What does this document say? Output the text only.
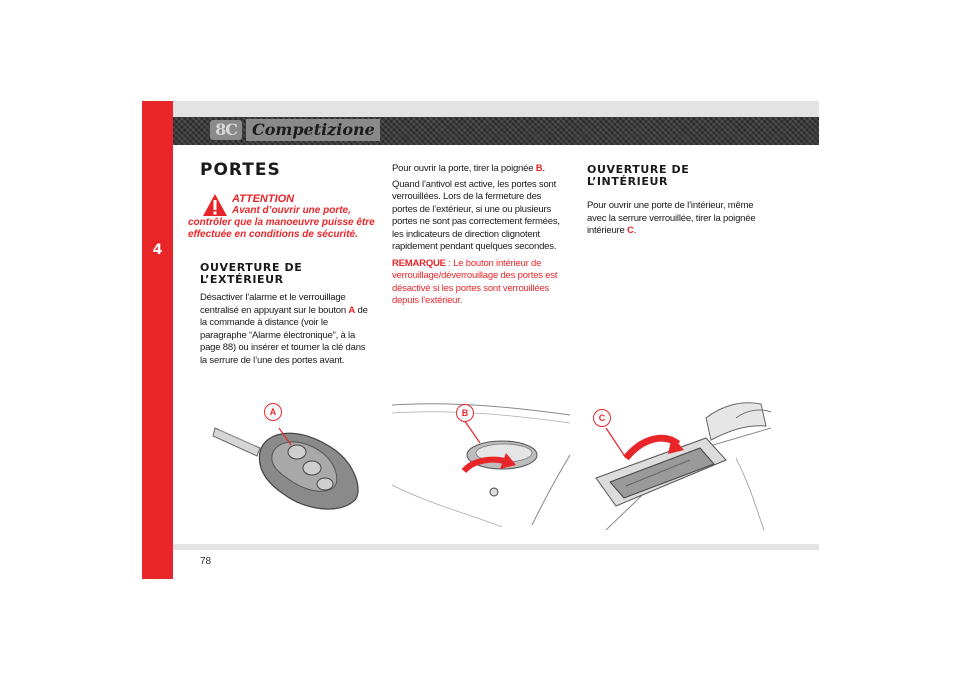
4
8C Competizione
PORTES
ATTENTION
Avant d’ouvrir une porte, contrôler que la manoeuvre puisse être effectuée en conditions de sécurité.
OUVERTURE DE
L’EXTÉRIEUR
Désactiver l’alarme et le verrouillage centralisé en appuyant sur le bouton A de la commande à distance (voir le paragraphe “Alarme électronique”, à la page 88) ou insérer et tourner la clé dans la serrure de l’une des portes avant.
Pour ouvrir la porte, tirer la poignée B.
Quand l’antivol est active, les portes sont verrouillées. Lors de la fermeture des portes de l’extérieur, si une ou plusieurs portes ne sont pas correctement fermées, les indicateurs de direction clignotent rapidement pendant quelques secondes.
REMARQUE : Le bouton intérieur de verrouillage/déverrouillage des portes est désactivé si les portes sont verrouillées depuis l’extérieur.
OUVERTURE DE
L’INTÉRIEUR
Pour ouvrir une porte de l’intérieur, même avec la serrure verrouillée, tirer la poignée intérieure C.
A	B	C
78
